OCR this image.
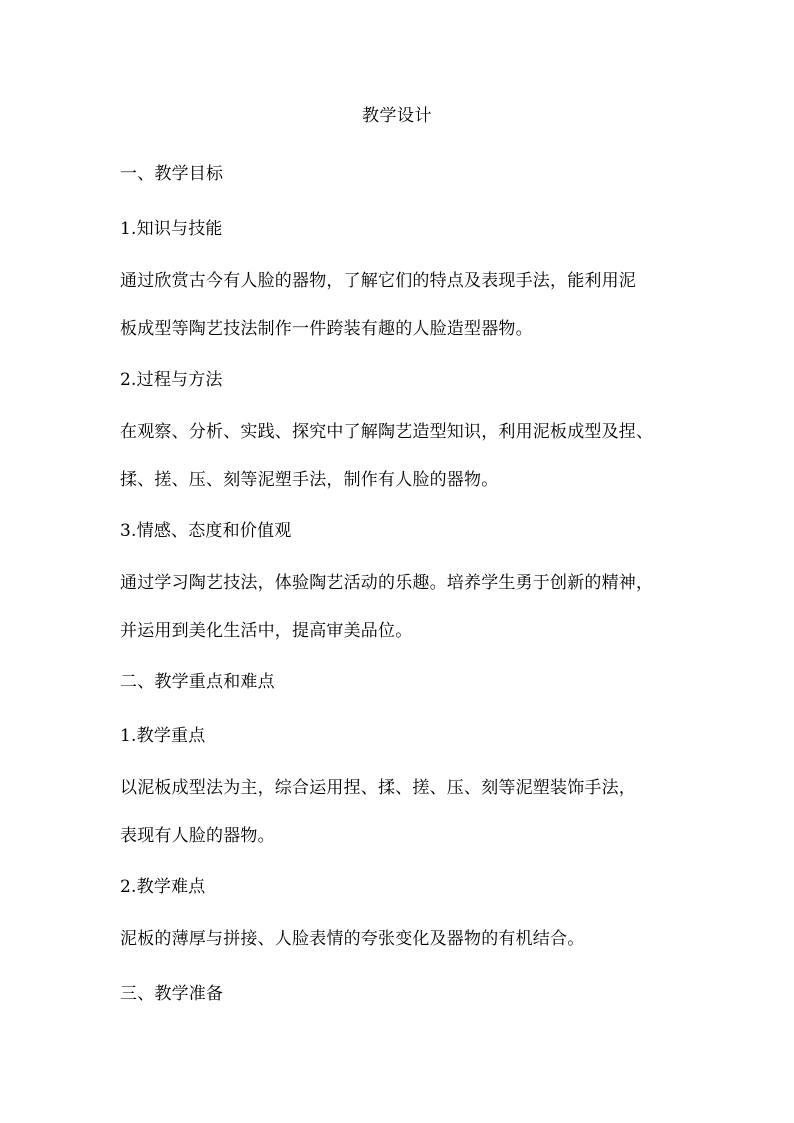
教学设计
一、教学目标
1.知识与技能
通过欣赏古今有人脸的器物，了解它们的特点及表现手法，能利用泥
板成型等陶艺技法制作一件跨装有趣的人脸造型器物。
2.过程与方法
在观察、分析、实践、探究中了解陶艺造型知识，利用泥板成型及捏、
揉、搓、压、刻等泥塑手法，制作有人脸的器物。
3.情感、态度和价值观
通过学习陶艺技法，体验陶艺活动的乐趣。培养学生勇于创新的精神，
并运用到美化生活中，提高审美品位。
二、教学重点和难点
1.教学重点
以泥板成型法为主，综合运用捏、揉、搓、压、刻等泥塑装饰手法，
表现有人脸的器物。
2.教学难点
泥板的薄厚与拼接、人脸表情的夸张变化及器物的有机结合。
三、教学准备
